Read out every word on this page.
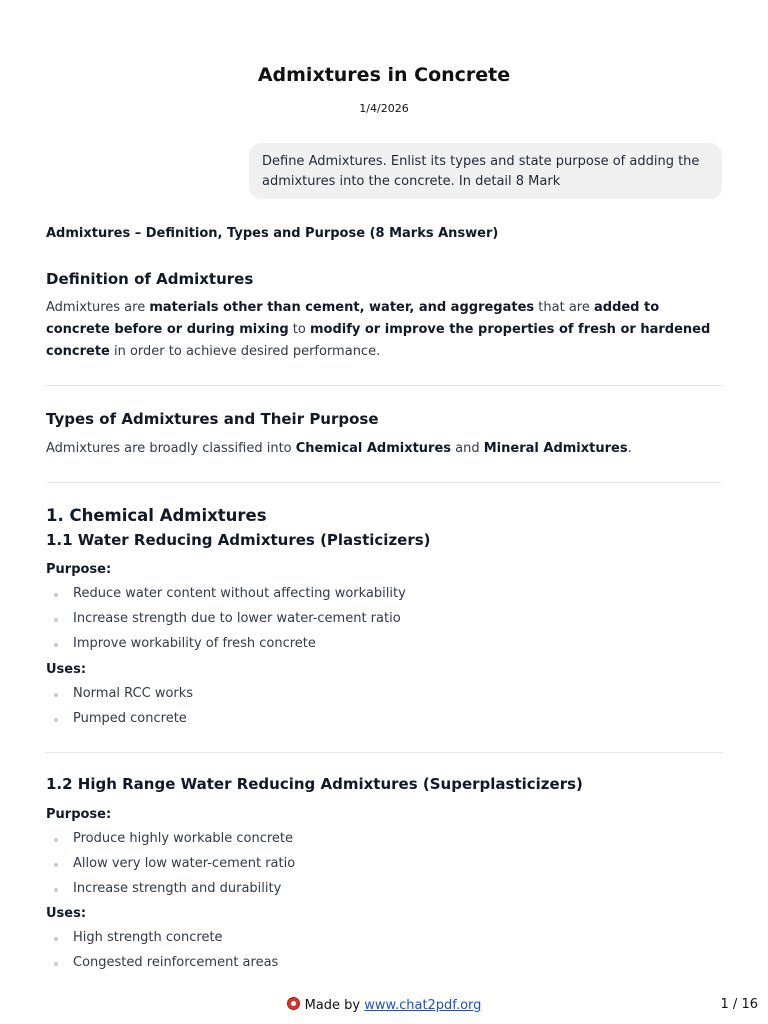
Admixtures in Concrete
1/4/2026
Define Admixtures. Enlist its types and state purpose of adding the admixtures into the concrete. In detail 8 Mark
Admixtures – Definition, Types and Purpose (8 Marks Answer)
Definition of Admixtures
Admixtures are materials other than cement, water, and aggregates that are added to concrete before or during mixing to modify or improve the properties of fresh or hardened concrete in order to achieve desired performance.
Types of Admixtures and Their Purpose
Admixtures are broadly classified into Chemical Admixtures and Mineral Admixtures.
1. Chemical Admixtures
1.1 Water Reducing Admixtures (Plasticizers)
Purpose:
Reduce water content without affecting workability
Increase strength due to lower water-cement ratio
Improve workability of fresh concrete
Uses:
Normal RCC works
Pumped concrete
1.2 High Range Water Reducing Admixtures (Superplasticizers)
Purpose:
Produce highly workable concrete
Allow very low water-cement ratio
Increase strength and durability
Uses:
High strength concrete
Congested reinforcement areas
Made by www.chat2pdf.org	1 / 16
